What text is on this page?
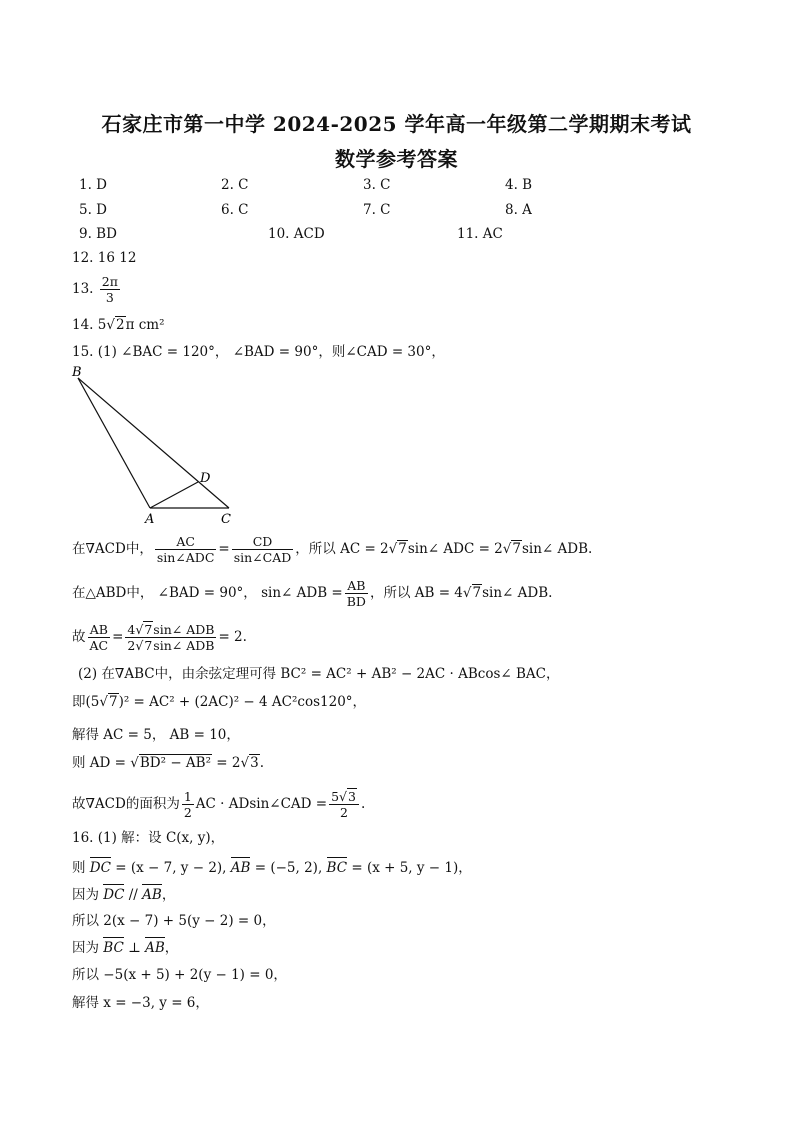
石家庄市第一中学 2024-2025 学年高一年级第二学期期末考试
数学参考答案
1. D	2. C	3. C	4. B
5. D	6. C	7. C	8. A
9. BD	10. ACD	11. AC
12. 16 12
13. $\frac{2\pi}{3}$
14. 5√2π cm²
15. (1) ∠BAC = 120°， ∠BAD = 90°，则∠CAD = 30°，
B
D
A	C
在∇ACD中， $\frac{AC}{\text{sin∠ADC}} = \frac{CD}{\text{sin∠CAD}}$ ，所以 AC = 2√7sin∠ ADC = 2√7sin∠ ADB.
在△ABD中， ∠BAD = 90°， sin∠ ADB = $\frac{AB}{BD}$ ，所以 AB = 4√7sin∠ ADB.
故 $\frac{AB}{AC} = \frac{\text{4√7sin∠ ADB}}{\text{2√7sin∠ ADB}} = 2$.
(2) 在∇ABC中，由余弦定理可得 BC² = AC² + AB² − 2AC · ABcos∠ BAC，
即(5√7)² = AC² + (2AC)² − 4 AC²cos120°，
解得 AC = 5， AB = 10，
则 AD = √BD² − AB² = 2√3.
故∇ACD的面积为 $\frac{1}{2}$ AC · ADsin∠CAD = $\frac{5√3}{2}$ .
16. (1) 解：设 C(x, y)，
则 DC = (x − 7, y − 2), AB = (−5, 2), BC = (x + 5, y − 1)，
因为 DC // AB，
所以 2(x − 7) + 5(y − 2) = 0，
因为 BC ⊥ AB，
所以 −5(x + 5) + 2(y − 1) = 0，
解得 x = −3, y = 6，
